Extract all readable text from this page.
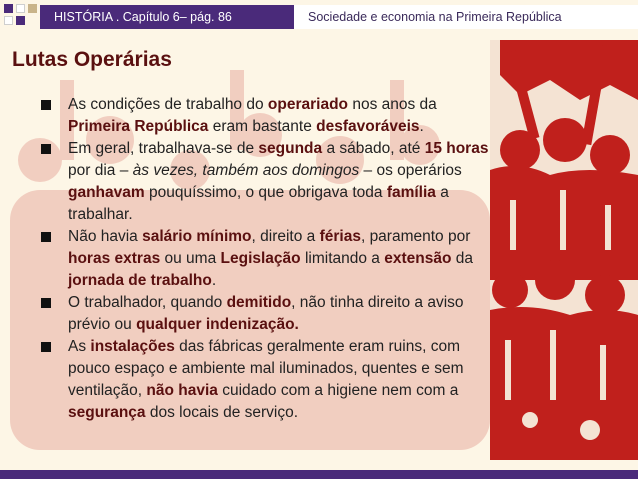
HISTÓRIA . Capítulo 6– pág. 86	Sociedade e economia na Primeira República
Lutas Operárias
As condições de trabalho do operariado nos anos da Primeira República eram bastante desfavoráveis.
Em geral, trabalhava-se de segunda a sábado, até 15 horas por dia – às vezes, também aos domingos – os operários ganhavam pouquíssimo, o que obrigava toda família a trabalhar.
Não havia salário mínimo, direito a férias, paramento por horas extras ou uma Legislação limitando a extensão da jornada de trabalho.
O trabalhador, quando demitido, não tinha direito a aviso prévio ou qualquer indenização.
As instalações das fábricas geralmente eram ruins, com pouco espaço e ambiente mal iluminados, quentes e sem ventilação, não havia cuidado com a higiene nem com a segurança dos locais de serviço.
